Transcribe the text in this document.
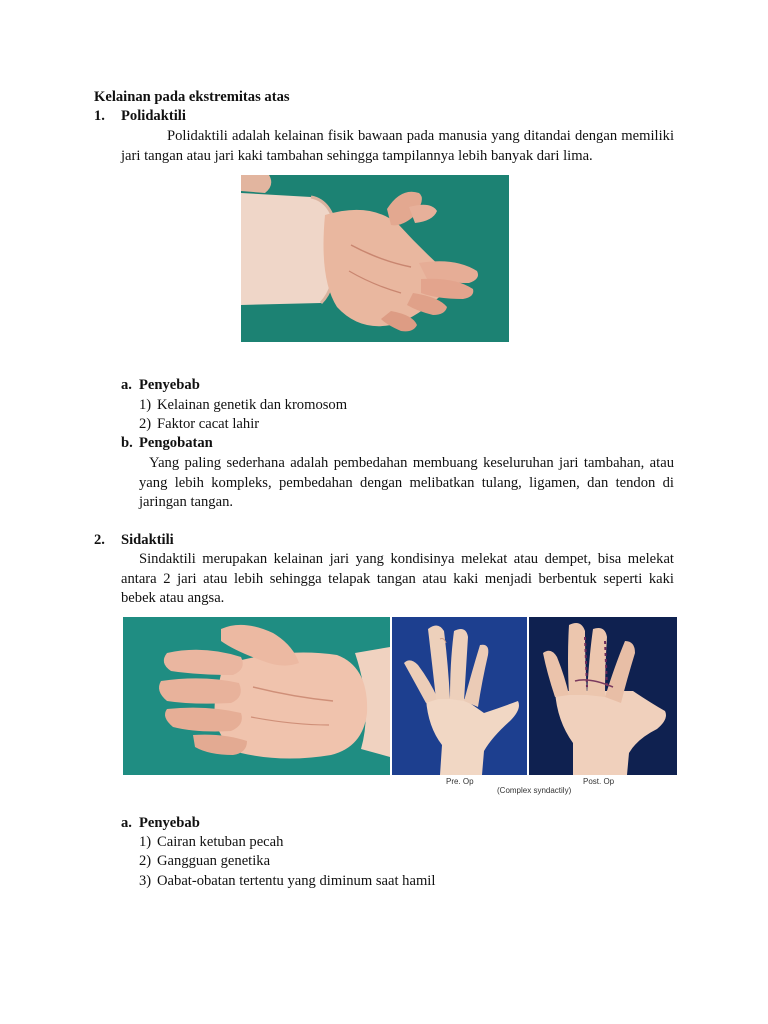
Kelainan pada ekstremitas atas

1. Polidaktili

Polidaktili adalah kelainan fisik bawaan pada manusia yang ditandai dengan memiliki jari tangan atau jari kaki tambahan sehingga tampilannya lebih banyak dari lima.

a. Penyebab
1) Kelainan genetik dan kromosom
2) Faktor cacat lahir
b. Pengobatan

Yang paling sederhana adalah pembedahan membuang keseluruhan jari tambahan, atau yang lebih kompleks, pembedahan dengan melibatkan tulang, ligamen, dan tendon di jaringan tangan.

2. Sidaktili

Sindaktili merupakan kelainan jari yang kondisinya melekat atau dempet, bisa melekat antara 2 jari atau lebih sehingga telapak tangan atau kaki menjadi berbentuk seperti kaki bebek atau angsa.

Pre. Op	Post. Op
(Complex syndactily)
a. Penyebab
1) Cairan ketuban pecah
2) Gangguan genetika
3) Oabat-obatan tertentu yang diminum saat hamil
